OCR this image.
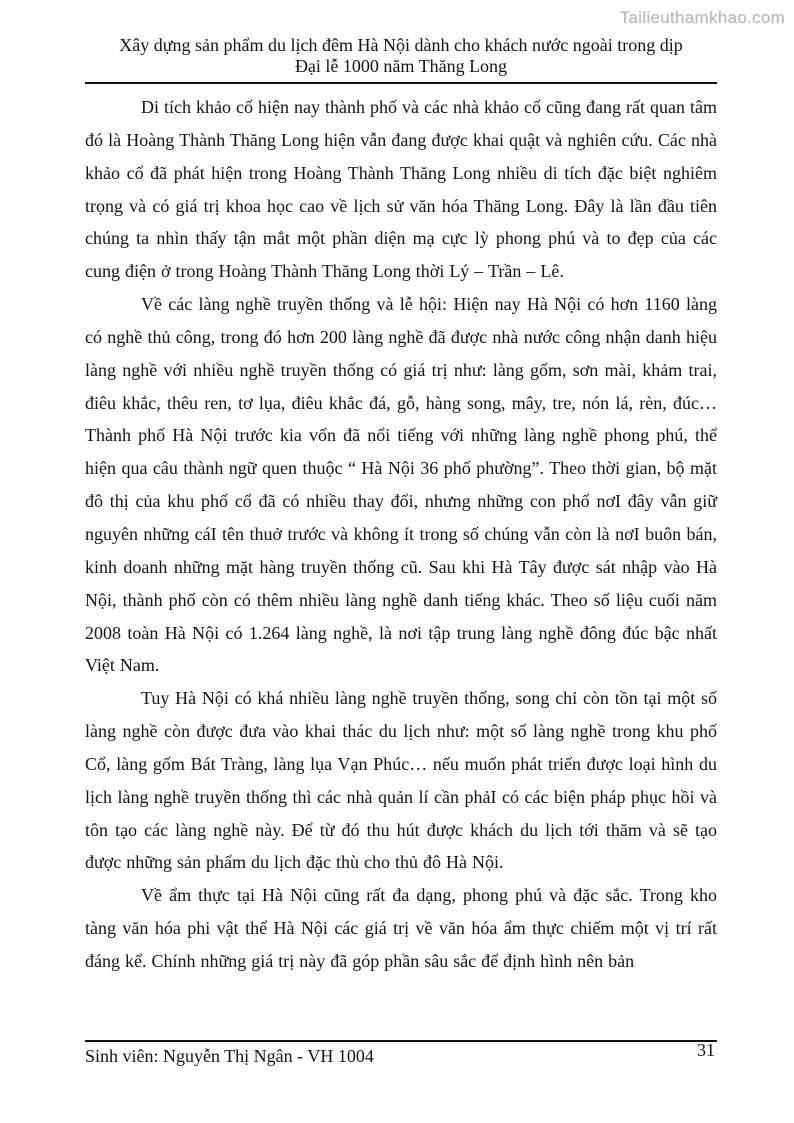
Tailieuthamkhao.com
Xây dựng sản phẩm du lịch đêm Hà Nội dành cho khách nước ngoài trong dịp
Đại lễ 1000 năm Thăng Long

Di tích khảo cổ hiện nay thành phố và các nhà khảo cổ cũng đang rất quan tâm đó là Hoàng Thành Thăng Long hiện vẫn đang được khai quật và nghiên cứu. Các nhà khảo cổ đã phát hiện trong Hoàng Thành Thăng Long nhiều di tích đặc biệt nghiêm trọng và có giá trị khoa học cao về lịch sử văn hóa Thăng Long. Đây là lần đầu tiên chúng ta nhìn thấy tận mắt một phần diện mạ cực lỳ phong phú và to đẹp của các cung điện ở trong Hoàng Thành Thăng Long thời Lý – Trần – Lê.

Về các làng nghề truyền thống và lễ hội: Hiện nay Hà Nội có hơn 1160 làng có nghề thủ công, trong đó hơn 200 làng nghề đã được nhà nước công nhận danh hiệu làng nghề với nhiều nghề truyền thống có giá trị như: làng gốm, sơn mài, khảm trai, điêu khắc, thêu ren, tơ lụa, điêu khắc đá, gỗ, hàng song, mây, tre, nón lá, rèn, đúc…Thành phố Hà Nội trước kia vốn đã nổi tiếng với những làng nghề phong phú, thể hiện qua câu thành ngữ quen thuộc “ Hà Nội 36 phố phường”. Theo thời gian, bộ mặt đô thị của khu phố cổ đã có nhiều thay đổi, nhưng những con phố nơI đây vẫn giữ nguyên những cáI tên thuở trước và không ít trong số chúng vẫn còn là nơI buôn bán, kinh doanh những mặt hàng truyền thống cũ. Sau khi Hà Tây được sát nhập vào Hà Nội, thành phố còn có thêm nhiều làng nghề danh tiếng khác. Theo số liệu cuối năm 2008 toàn Hà Nội có 1.264 làng nghề, là nơi tập trung làng nghề đông đúc bậc nhất Việt Nam.

Tuy Hà Nội có khá nhiều làng nghề truyền thống, song chỉ còn tồn tại một số làng nghề còn được đưa vào khai thác du lịch như: một số làng nghề trong khu phố Cổ, làng gốm Bát Tràng, làng lụa Vạn Phúc… nếu muốn phát triển được loại hình du lịch làng nghề truyền thống thì các nhà quản lí cần phảI có các biện pháp phục hồi và tôn tạo các làng nghề này. Để từ đó thu hút được khách du lịch tới thăm và sẽ tạo được những sản phẩm du lịch đặc thù cho thủ đô Hà Nội.

Về ẩm thực tại Hà Nội cũng rất đa dạng, phong phú và đặc sắc. Trong kho tàng văn hóa phi vật thể Hà Nội các giá trị về văn hóa ẩm thực chiếm một vị trí rất đáng kể. Chính những giá trị này đã góp phần sâu sắc để định hình nên bản

Sinh viên: Nguyễn Thị Ngân - VH 1004	31
